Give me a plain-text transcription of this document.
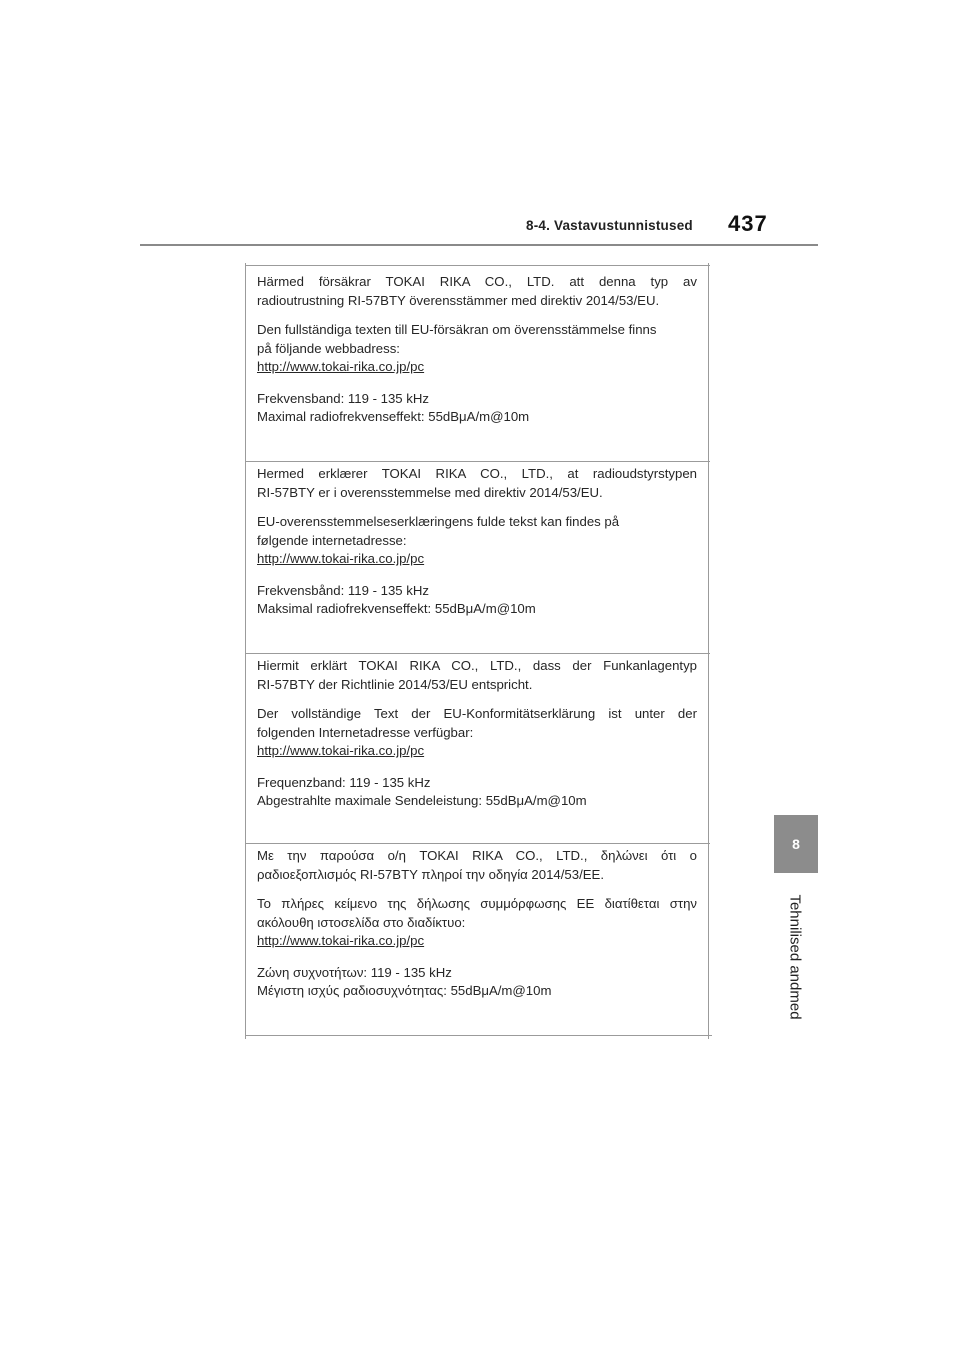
8-4. Vastavustunnistused 437
8
Tehnilised andmed

Härmed försäkrar TOKAI RIKA CO., LTD. att denna typ av

radioutrustning RI-57BTY överensstämmer med direktiv 2014/53/EU.

Den fullständiga texten till EU-försäkran om överensstämmelse finns

på följande webbadress:

http://www.tokai-rika.co.jp/pc

Frekvensband: 119 - 135 kHz

Maximal radiofrekvenseffekt: 55dBμA/m@10m

Hermed erklærer TOKAI RIKA CO., LTD., at radioudstyrstypen

RI-57BTY er i overensstemmelse med direktiv 2014/53/EU.

EU-overensstemmelseserklæringens fulde tekst kan findes på

følgende internetadresse:

http://www.tokai-rika.co.jp/pc

Frekvensbånd: 119 - 135 kHz

Maksimal radiofrekvenseffekt: 55dBμA/m@10m

Hiermit erklärt TOKAI RIKA CO., LTD., dass der Funkanlagentyp

RI-57BTY der Richtlinie 2014/53/EU entspricht.

Der vollständige Text der EU-Konformitätserklärung ist unter der

folgenden Internetadresse verfügbar:

http://www.tokai-rika.co.jp/pc

Frequenzband: 119 - 135 kHz

Abgestrahlte maximale Sendeleistung: 55dBμA/m@10m

Με την παρούσα ο/η TOKAI RIKA CO., LTD., δηλώνει ότι ο

ραδιοεξοπλισμός RI-57BTY πληροί την οδηγία 2014/53/ΕΕ.

Το πλήρες κείμενο της δήλωσης συμμόρφωσης ΕΕ διατίθεται στην

ακόλουθη ιστοσελίδα στο διαδίκτυο:

http://www.tokai-rika.co.jp/pc

Ζώνη συχνοτήτων: 119 - 135 kHz

Μέγιστη ισχύς ραδιοσυχνότητας: 55dBμA/m@10m
